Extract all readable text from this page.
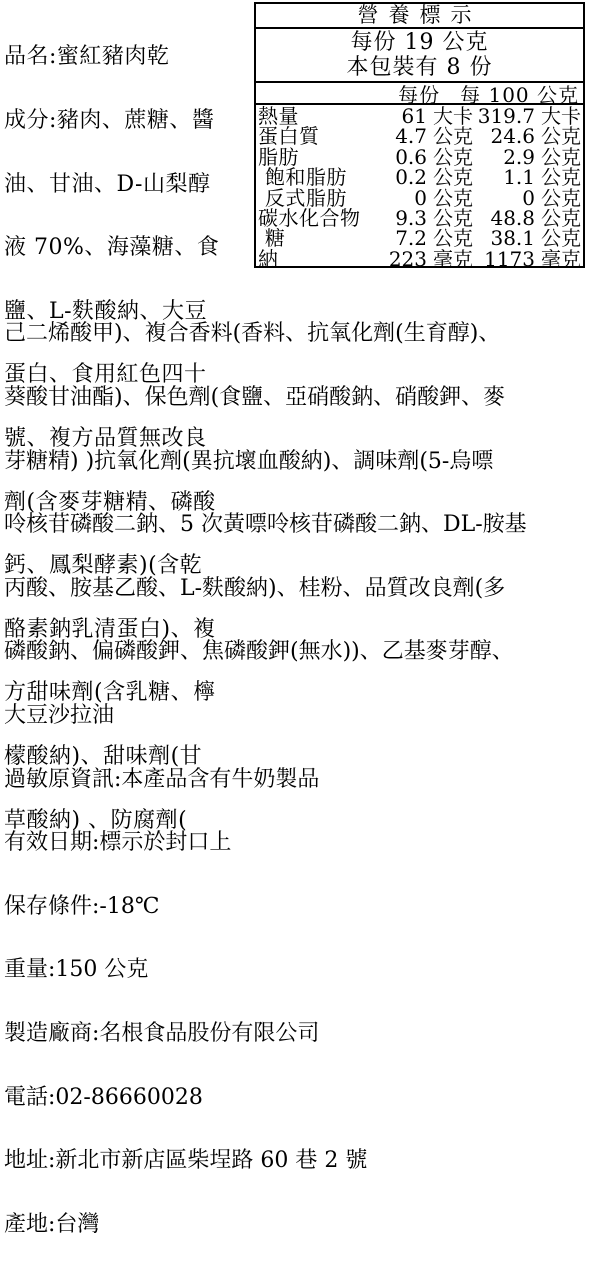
品名:蜜紅豬肉乾

成分:豬肉、蔗糖、醬

油、甘油、D-山梨醇

液 70%、海藻糖、食

鹽、L-麩酸納、大豆

蛋白、食用紅色四十

號、複方品質無改良

劑(含麥芽糖精、磷酸

鈣、鳳梨酵素)(含乾

酪素鈉乳清蛋白)、複

方甜味劑(含乳糖、檸

檬酸納)、甜味劑(甘

草酸納) 、防腐劑(

營養標示
每份 19 公克
本包裝有 8 份
每份 每 100 公克
熱量	61 大卡 319.7 大卡
蛋白質	4.7 公克 24.6 公克
脂肪	0.6 公克	2.9 公克
飽和脂肪	0.2 公克	1.1 公克
反式脂肪	0 公克	0 公克
碳水化合物	9.3 公克 48.8 公克
糖	7.2 公克 38.1 公克
納	223 毫克 1173 毫克

己二烯酸甲)、複合香料(香料、抗氧化劑(生育醇)、

葵酸甘油酯)、保色劑(食鹽、亞硝酸鈉、硝酸鉀、麥

芽糖精) )抗氧化劑(異抗壞血酸納)、調味劑(5-烏嘌

呤核苷磷酸二鈉、5 次黃嘌呤核苷磷酸二鈉、DL-胺基

丙酸、胺基乙酸、L-麩酸納)、桂粉、品質改良劑(多

磷酸鈉、偏磷酸鉀、焦磷酸鉀(無水))、乙基麥芽醇、

大豆沙拉油

過敏原資訊:本產品含有牛奶製品

有效日期:標示於封口上

保存條件:-18℃

重量:150 公克

製造廠商:名根食品股份有限公司

電話:02-86660028

地址:新北市新店區柴埕路 60 巷 2 號

產地:台灣
